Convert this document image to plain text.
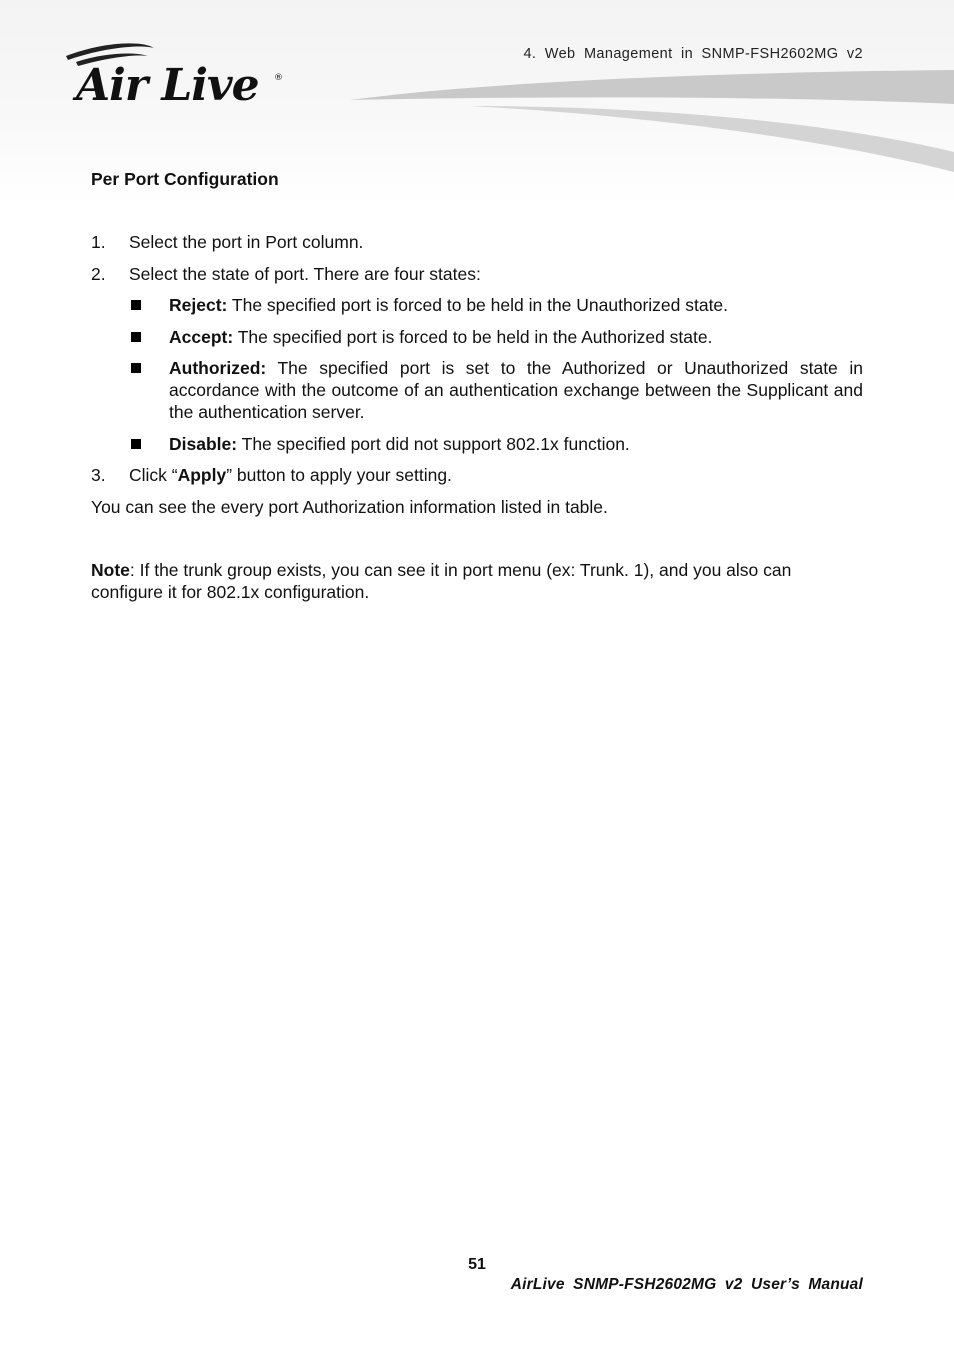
Air Live ®
4. Web Management in SNMP-FSH2602MG v2
Per Port Configuration
1.	Select the port in Port column.
2.	Select the state of port. There are four states:
Reject: The specified port is forced to be held in the Unauthorized state.
Accept: The specified port is forced to be held in the Authorized state.
Authorized: The specified port is set to the Authorized or Unauthorized state in accordance with the outcome of an authentication exchange between the Supplicant and the authentication server.
Disable: The specified port did not support 802.1x function.
3.	Click “Apply” button to apply your setting.
You can see the every port Authorization information listed in table.
Note: If the trunk group exists, you can see it in port menu (ex: Trunk. 1), and you also can configure it for 802.1x configuration.
51
AirLive SNMP-FSH2602MG v2 User’s Manual
